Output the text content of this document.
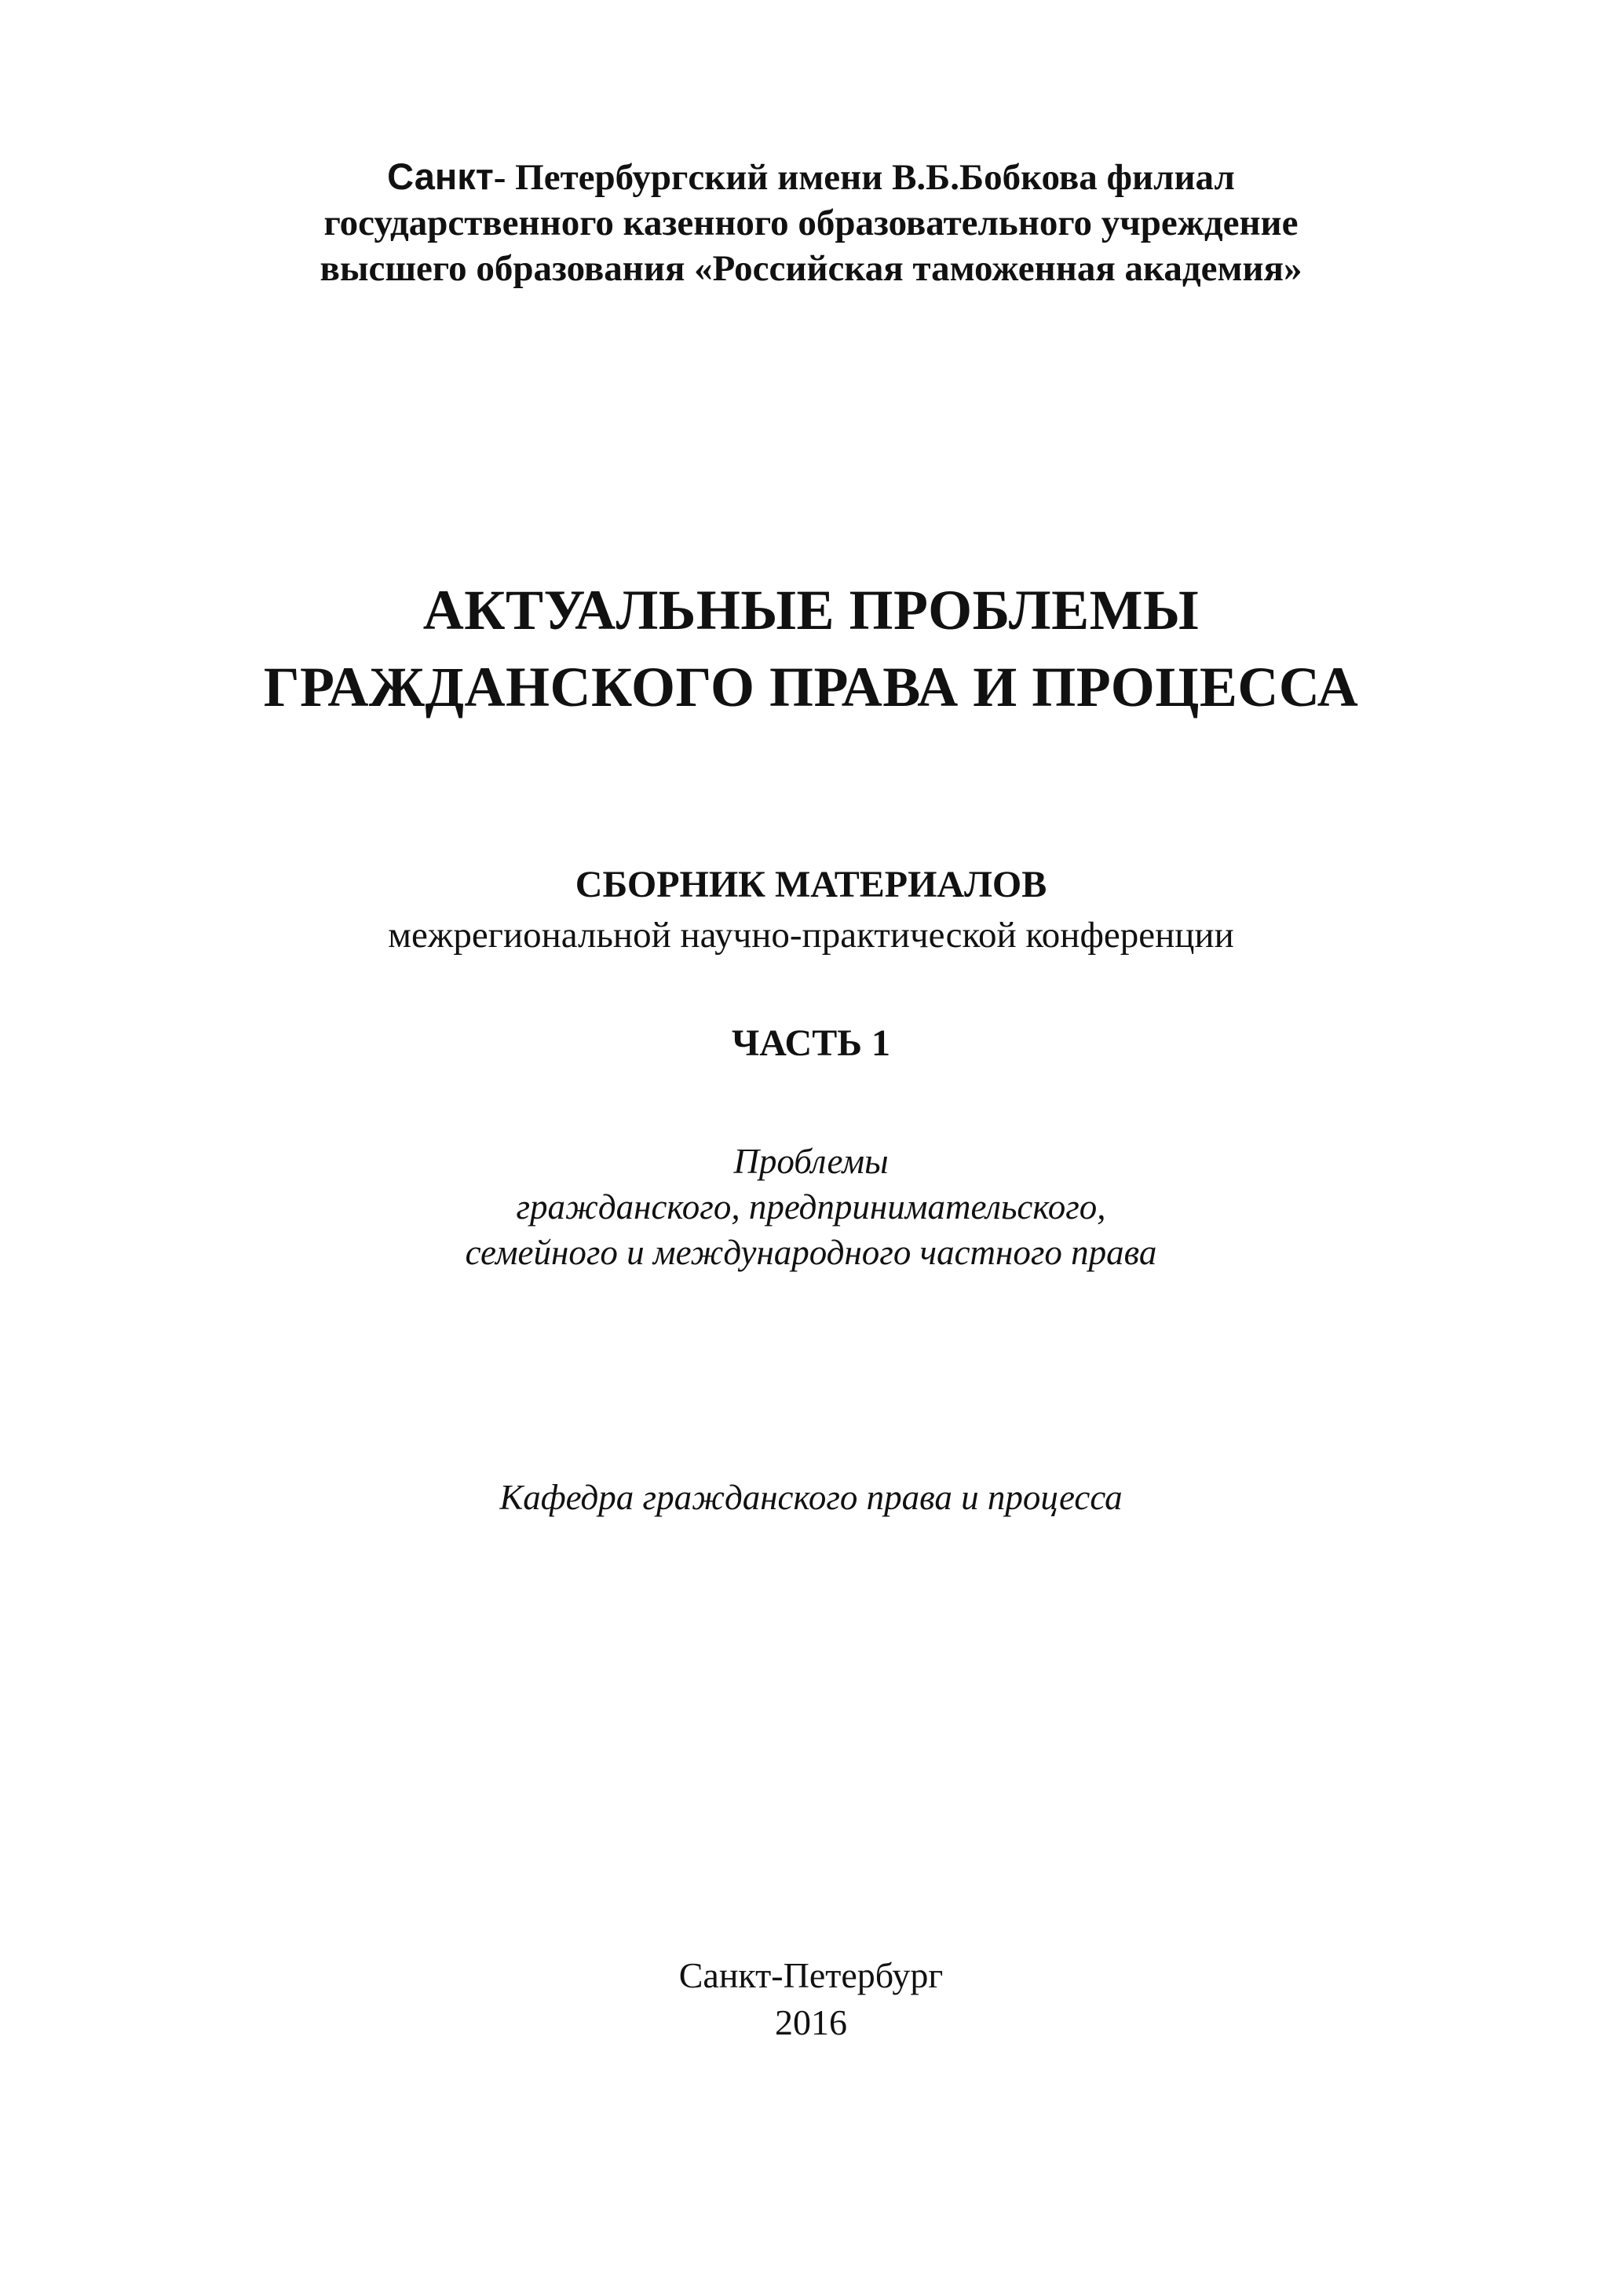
Санкт- Петербургский имени В.Б.Бобкова филиал
государственного казенного образовательного учреждение
высшего образования «Российская таможенная академия»
АКТУАЛЬНЫЕ ПРОБЛЕМЫ
ГРАЖДАНСКОГО ПРАВА И ПРОЦЕССА
СБОРНИК МАТЕРИАЛОВ
межрегиональной научно-практической конференции
ЧАСТЬ 1
Проблемы
гражданского, предпринимательского,
семейного и международного частного права
Кафедра гражданского права и процесса
Санкт-Петербург
2016
